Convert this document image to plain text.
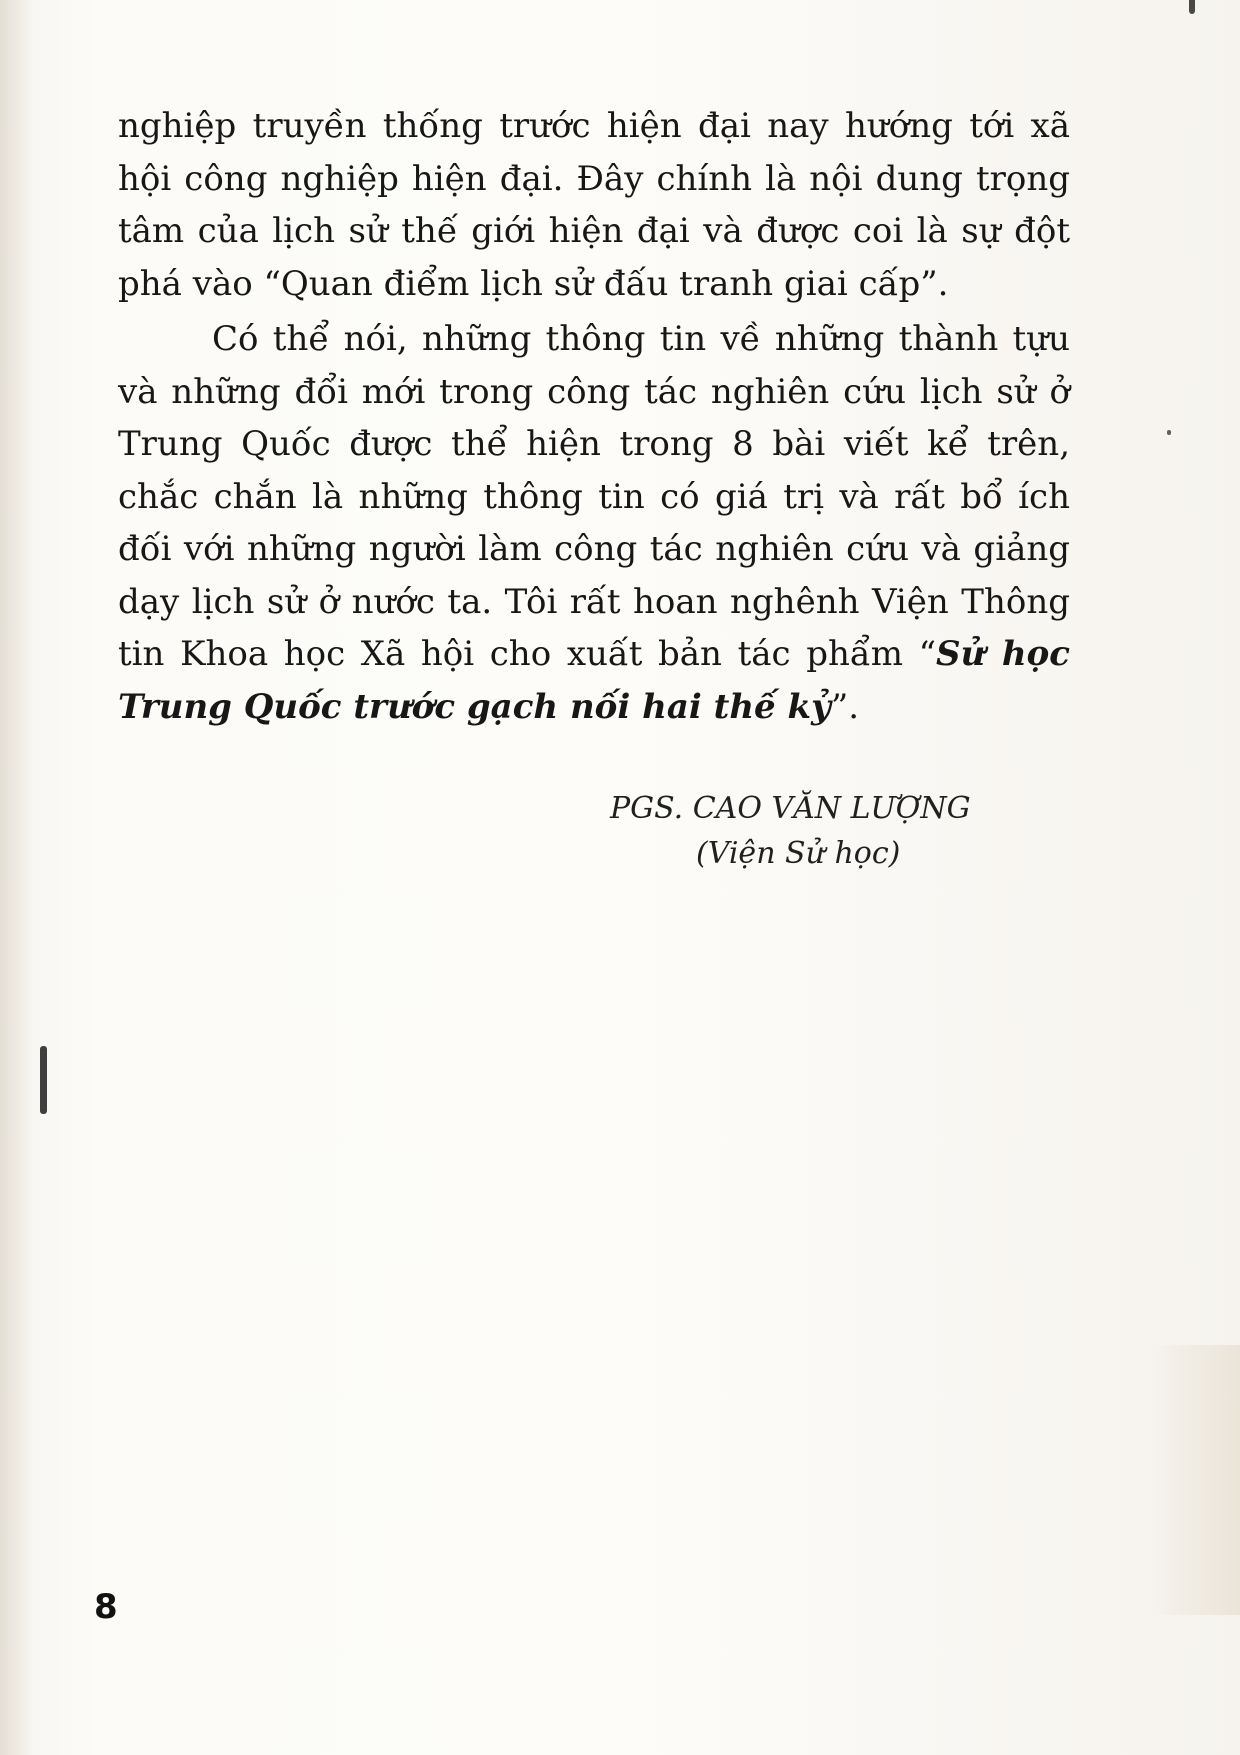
nghiệp truyền thống trước hiện đại nay hướng tới xã hội công nghiệp hiện đại. Đây chính là nội dung trọng tâm của lịch sử thế giới hiện đại và được coi là sự đột phá vào “Quan điểm lịch sử đấu tranh giai cấp”.

Có thể nói, những thông tin về những thành tựu và những đổi mới trong công tác nghiên cứu lịch sử ở Trung Quốc được thể hiện trong 8 bài viết kể trên, chắc chắn là những thông tin có giá trị và rất bổ ích đối với những người làm công tác nghiên cứu và giảng dạy lịch sử ở nước ta. Tôi rất hoan nghênh Viện Thông tin Khoa học Xã hội cho xuất bản tác phẩm “Sử học Trung Quốc trước gạch nối hai thế kỷ”.

PGS. CAO VĂN LƯỢNG
(Viện Sử học)
8
